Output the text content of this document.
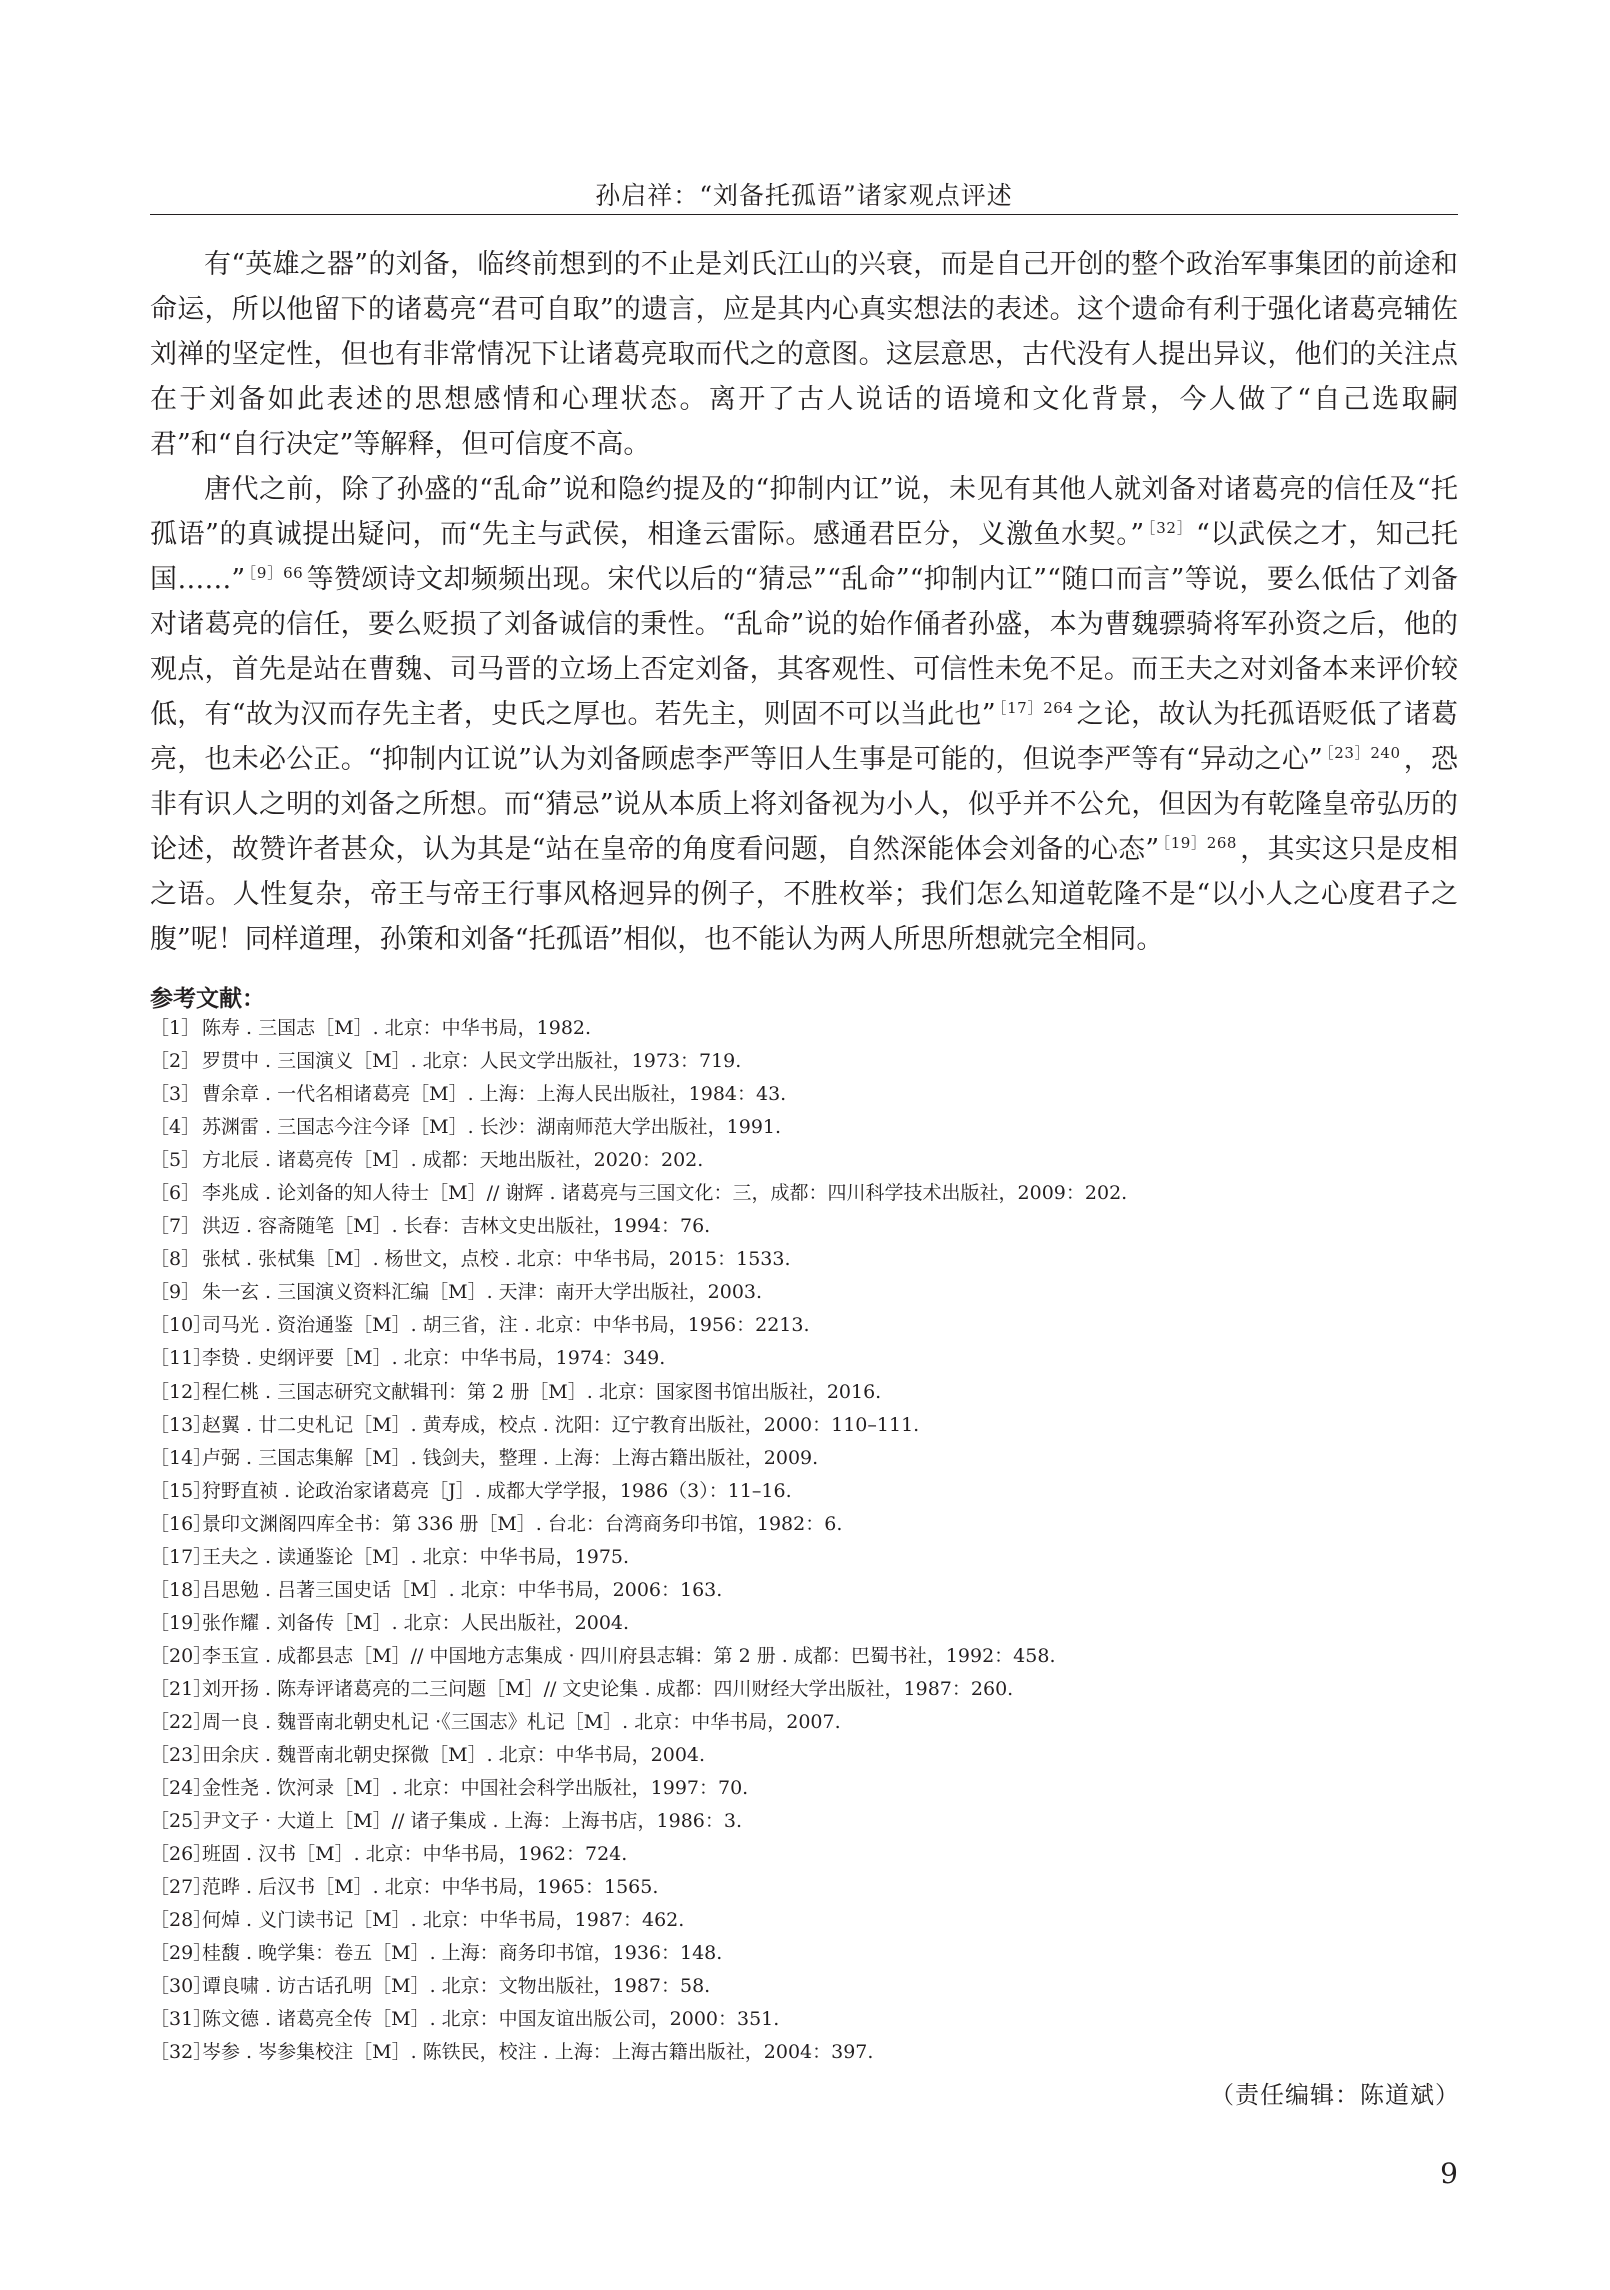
孙启祥：“刘备托孤语”诸家观点评述

有“英雄之器”的刘备，临终前想到的不止是刘氏江山的兴衰，而是自己开创的整个政治军事集团的前途和命运，所以他留下的诸葛亮“君可自取”的遗言，应是其内心真实想法的表述。这个遗命有利于强化诸葛亮辅佐刘禅的坚定性，但也有非常情况下让诸葛亮取而代之的意图。这层意思，古代没有人提出异议，他们的关注点在于刘备如此表述的思想感情和心理状态。离开了古人说话的语境和文化背景，今人做了“自己选取嗣君”和“自行决定”等解释，但可信度不高。

唐代之前，除了孙盛的“乱命”说和隐约提及的“抑制内讧”说，未见有其他人就刘备对诸葛亮的信任及“托孤语”的真诚提出疑问，而“先主与武侯，相逢云雷际。感通君臣分，义激鱼水契。” $^{[32]}$ “以武侯之才，知己托国……” $^{[9]66}$ 等赞颂诗文却频频出现。宋代以后的“猜忌”“乱命”“抑制内讧”“随口而言”等说，要么低估了刘备对诸葛亮的信任，要么贬损了刘备诚信的秉性。“乱命”说的始作俑者孙盛，本为曹魏骠骑将军孙资之后，他的观点，首先是站在曹魏、司马晋的立场上否定刘备，其客观性、可信性未免不足。而王夫之对刘备本来评价较低，有“故为汉而存先主者，史氏之厚也。若先主，则固不可以当此也” $^{[17]264}$ 之论，故认为托孤语贬低了诸葛亮，也未必公正。“抑制内讧说”认为刘备顾虑李严等旧人生事是可能的，但说李严等有“异动之心” $^{[23]240}$ ，恐非有识人之明的刘备之所想。而“猜忌”说从本质上将刘备视为小人，似乎并不公允，但因为有乾隆皇帝弘历的论述，故赞许者甚众，认为其是“站在皇帝的角度看问题，自然深能体会刘备的心态” $^{[19]268}$ ，其实这只是皮相之语。人性复杂，帝王与帝王行事风格迥异的例子，不胜枚举；我们怎么知道乾隆不是“以小人之心度君子之腹”呢！同样道理，孙策和刘备“托孤语”相似，也不能认为两人所思所想就完全相同。

参考文献：
［1］ 陈寿 . 三国志［M］. 北京：中华书局，1982.
［2］ 罗贯中 . 三国演义［M］. 北京：人民文学出版社，1973：719.
［3］ 曹余章 . 一代名相诸葛亮［M］. 上海：上海人民出版社，1984：43.
［4］ 苏渊雷 . 三国志今注今译［M］. 长沙：湖南师范大学出版社，1991.
［5］ 方北辰 . 诸葛亮传［M］. 成都：天地出版社，2020：202.
［6］ 李兆成 . 论刘备的知人待士［M］// 谢辉 . 诸葛亮与三国文化：三，成都：四川科学技术出版社，2009：202.
［7］ 洪迈 . 容斋随笔［M］. 长春：吉林文史出版社，1994：76.
［8］ 张栻 . 张栻集［M］. 杨世文，点校 . 北京：中华书局，2015：1533.
［9］ 朱一玄 . 三国演义资料汇编［M］. 天津：南开大学出版社，2003.
［10］
司马光 . 资治通鉴［M］. 胡三省，注 . 北京：中华书局，1956：2213.
［11］
李贽 . 史纲评要［M］. 北京：中华书局，1974：349.
［12］
程仁桃 . 三国志研究文献辑刊：第 2 册［M］. 北京：国家图书馆出版社，2016.
［13］
赵翼 . 廿二史札记［M］. 黄寿成，校点 . 沈阳：辽宁教育出版社，2000：110–111.
［14］
卢弼 . 三国志集解［M］. 钱剑夫，整理 . 上海：上海古籍出版社，2009.
［15］
狩野直祯 . 论政治家诸葛亮［J］. 成都大学学报，1986（3）：11–16.
［16］
景印文渊阁四库全书：第 336 册［M］. 台北：台湾商务印书馆，1982：6.
［17］
王夫之 . 读通鉴论［M］. 北京：中华书局，1975.
［18］
吕思勉 . 吕著三国史话［M］. 北京：中华书局，2006：163.
［19］
张作耀 . 刘备传［M］. 北京：人民出版社，2004.
［20］
李玉宣 . 成都县志［M］// 中国地方志集成 · 四川府县志辑：第 2 册 . 成都：巴蜀书社，1992：458.
［21］
刘开扬 . 陈寿评诸葛亮的二三问题［M］// 文史论集 . 成都：四川财经大学出版社，1987：260.
［22］
周一良 . 魏晋南北朝史札记 ·《三国志》札记［M］. 北京：中华书局，2007.
［23］
田余庆 . 魏晋南北朝史探微［M］. 北京：中华书局，2004.
［24］
金性尧 . 饮河录［M］. 北京：中国社会科学出版社，1997：70.
［25］
尹文子 · 大道上［M］// 诸子集成 . 上海：上海书店，1986：3.
［26］
班固 . 汉书［M］. 北京：中华书局，1962：724.
［27］
范晔 . 后汉书［M］. 北京：中华书局，1965：1565.
［28］
何焯 . 义门读书记［M］. 北京：中华书局，1987：462.
［29］
桂馥 . 晚学集：卷五［M］. 上海：商务印书馆，1936：148.
［30］
谭良啸 . 访古话孔明［M］. 北京：文物出版社，1987：58.
［31］
陈文德 . 诸葛亮全传［M］. 北京：中国友谊出版公司，2000：351.
［32］
岑参 . 岑参集校注［M］. 陈铁民，校注 . 上海：上海古籍出版社，2004：397.
（责任编辑：陈道斌）
9
